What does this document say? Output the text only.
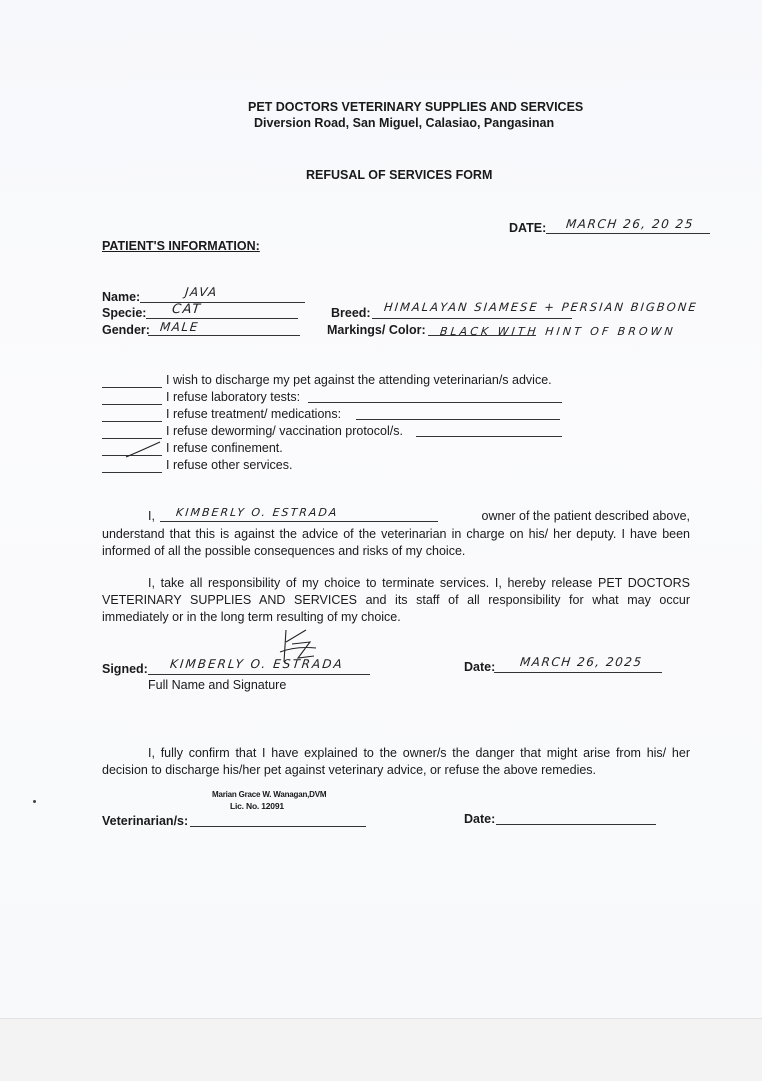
PET DOCTORS VETERINARY SUPPLIES AND SERVICES
Diversion Road, San Miguel, Calasiao, Pangasinan
REFUSAL OF SERVICES FORM
DATE: MARCH 26, 20 25
PATIENT'S INFORMATION:
Name:	JAVA
Specie: CAT
Gender: MALE
Breed: HIMALAYAN SIAMESE + PERSIAN BIGBONE
Markings/ Color: BLACK WITH HINT OF BROWN
I wish to discharge my pet against the attending veterinarian/s advice.
I refuse laboratory tests:
I refuse treatment/ medications:
I refuse deworming/ vaccination protocol/s.
I refuse confinement.
I refuse other services.
I, KIMBERLY O. ESTRADA	owner of the patient described above,
understand that this is against the advice of the veterinarian in charge on his/ her deputy. I have been informed of all the possible consequences and risks of my choice.
I, take all responsibility of my choice to terminate services. I, hereby release PET DOCTORS VETERINARY SUPPLIES AND SERVICES and its staff of all responsibility for what may occur immediately or in the long term resulting of my choice.
Signed: KIMBERLY O. ESTRADA
Full Name and Signature
Date: MARCH 26, 2025
I, fully confirm that I have explained to the owner/s the danger that might arise from his/ her decision to discharge his/her pet against veterinary advice, or refuse the above remedies.
Marian Grace W. Wanagan,DVM
Lic. No. 12091
Veterinarian/s:	Date:
